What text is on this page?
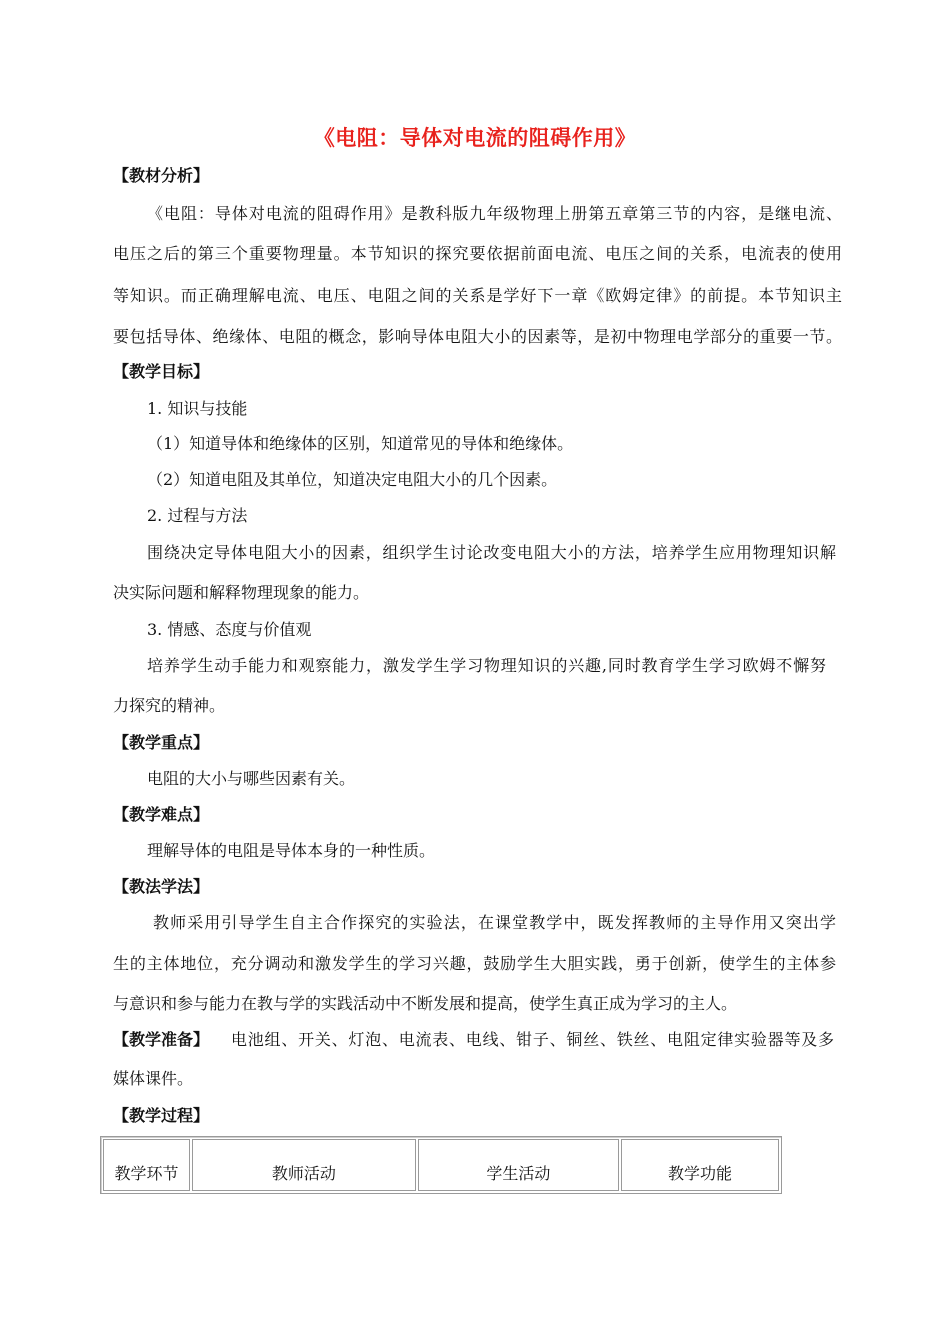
《电阻：导体对电流的阻碍作用》
【教材分析】
《电阻：导体对电流的阻碍作用》是教科版九年级物理上册第五章第三节的内容，是继电流、
电压之后的第三个重要物理量。本节知识的探究要依据前面电流、电压之间的关系，电流表的使用
等知识。而正确理解电流、电压、电阻之间的关系是学好下一章《欧姆定律》的前提。本节知识主
要包括导体、绝缘体、电阻的概念，影响导体电阻大小的因素等，是初中物理电学部分的重要一节。
【教学目标】
1. 知识与技能
（1）知道导体和绝缘体的区别，知道常见的导体和绝缘体。
（2）知道电阻及其单位，知道决定电阻大小的几个因素。
2. 过程与方法
围绕决定导体电阻大小的因素，组织学生讨论改变电阻大小的方法，培养学生应用物理知识解
决实际问题和解释物理现象的能力。
3. 情感、态度与价值观
培养学生动手能力和观察能力，激发学生学习物理知识的兴趣,同时教育学生学习欧姆不懈努
力探究的精神。
【教学重点】
电阻的大小与哪些因素有关。
【教学难点】
理解导体的电阻是导体本身的一种性质。
【教法学法】
教师采用引导学生自主合作探究的实验法，在课堂教学中，既发挥教师的主导作用又突出学
生的主体地位，充分调动和激发学生的学习兴趣，鼓励学生大胆实践，勇于创新，使学生的主体参
与意识和参与能力在教与学的实践活动中不断发展和提高，使学生真正成为学习的主人。
【教学准备】 电池组、开关、灯泡、电流表、电线、钳子、铜丝、铁丝、电阻定律实验器等及多
媒体课件。
【教学过程】
教学环节	教师活动	学生活动	教学功能
